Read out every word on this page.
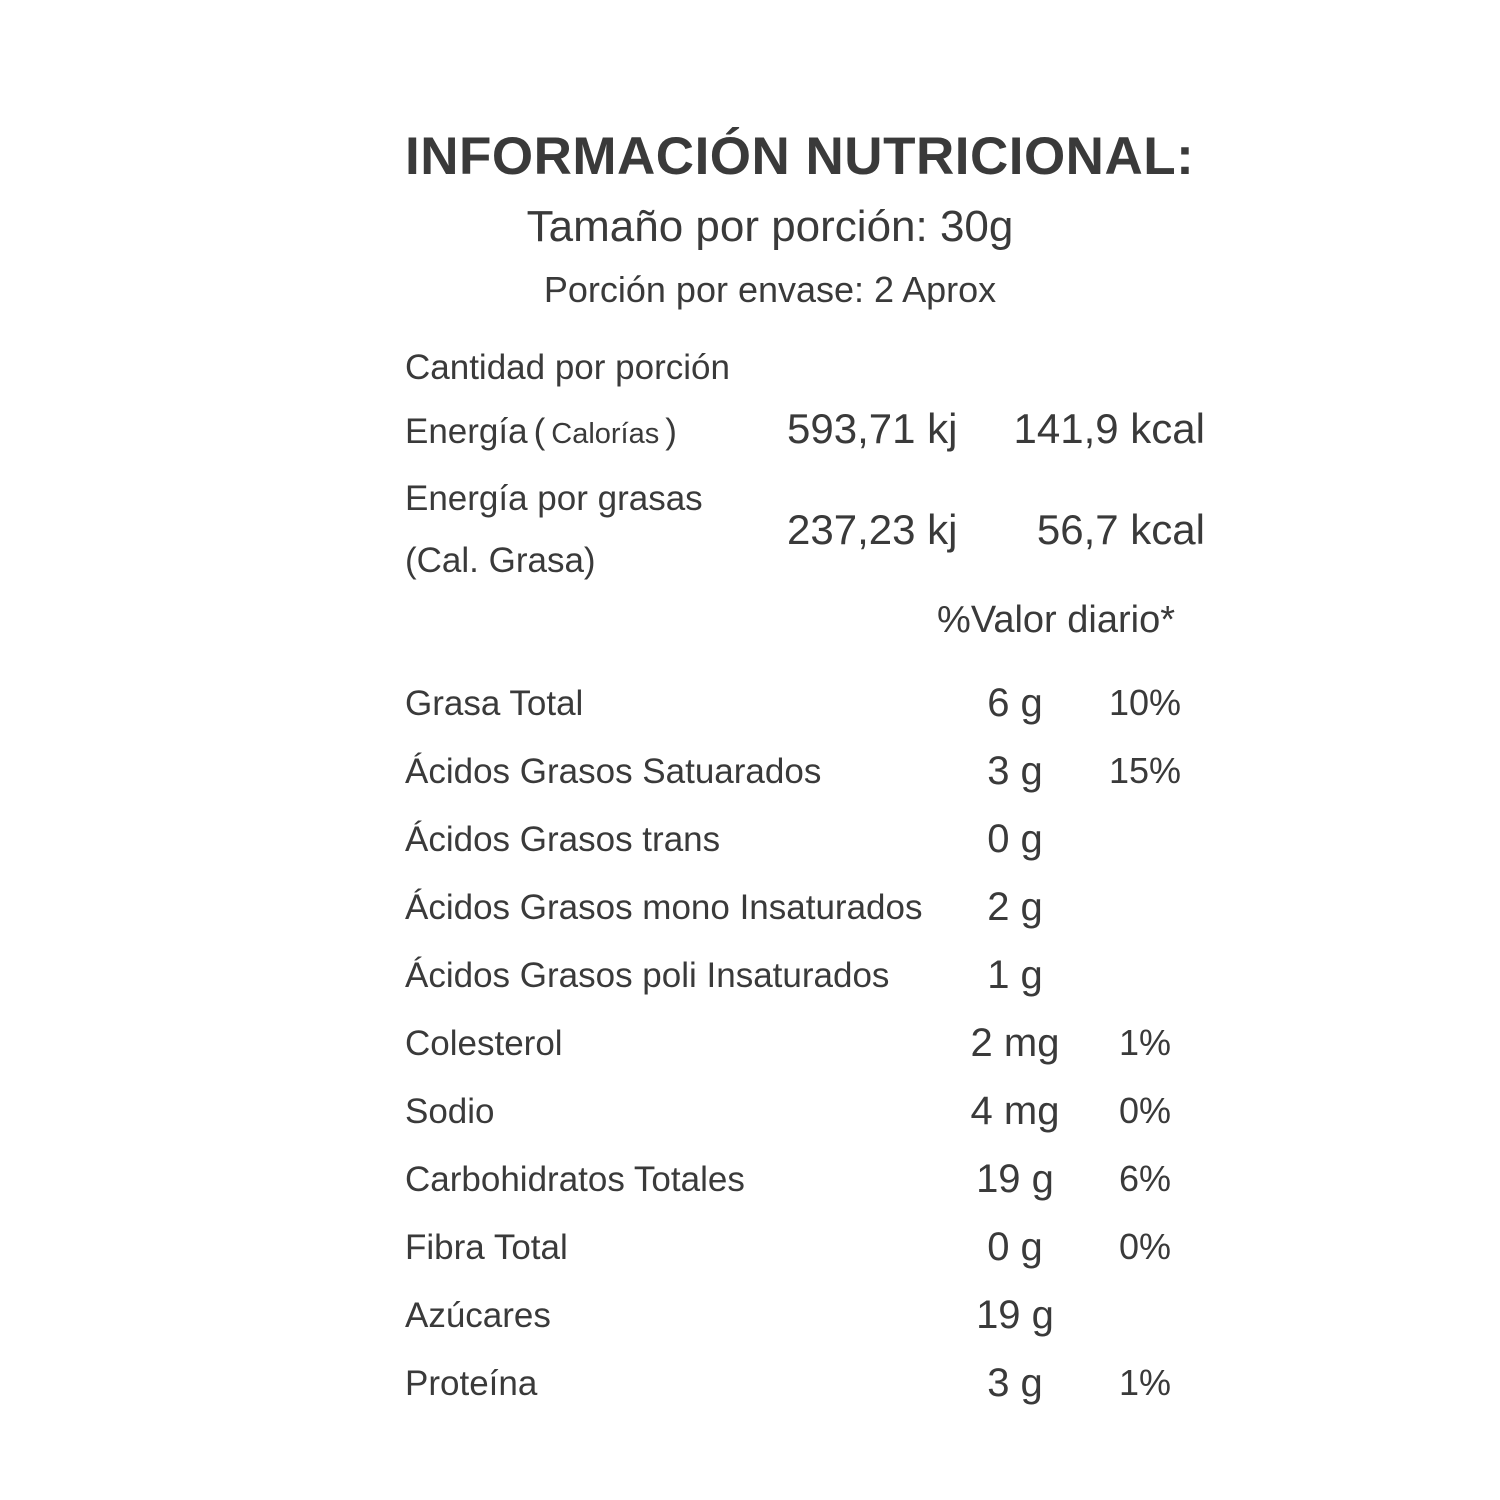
INFORMACIÓN NUTRICIONAL:
Tamaño por porción: 30g
Porción por envase: 2 Aprox
Cantidad por porción
Energía ( Calorías )	593,71 kj	141,9 kcal
Energía por grasas
(Cal. Grasa)
237,23 kj	56,7 kcal
%Valor diario*
Grasa Total	6 g	10%
Ácidos Grasos Satuarados	3 g	15%
Ácidos Grasos trans	0 g
Ácidos Grasos mono Insaturados	2 g
Ácidos Grasos poli Insaturados	1 g
Colesterol	2 mg	1%
Sodio	4 mg	0%
Carbohidratos Totales	19 g	6%
Fibra Total	0 g	0%
Azúcares	19 g
Proteína	3 g	1%
